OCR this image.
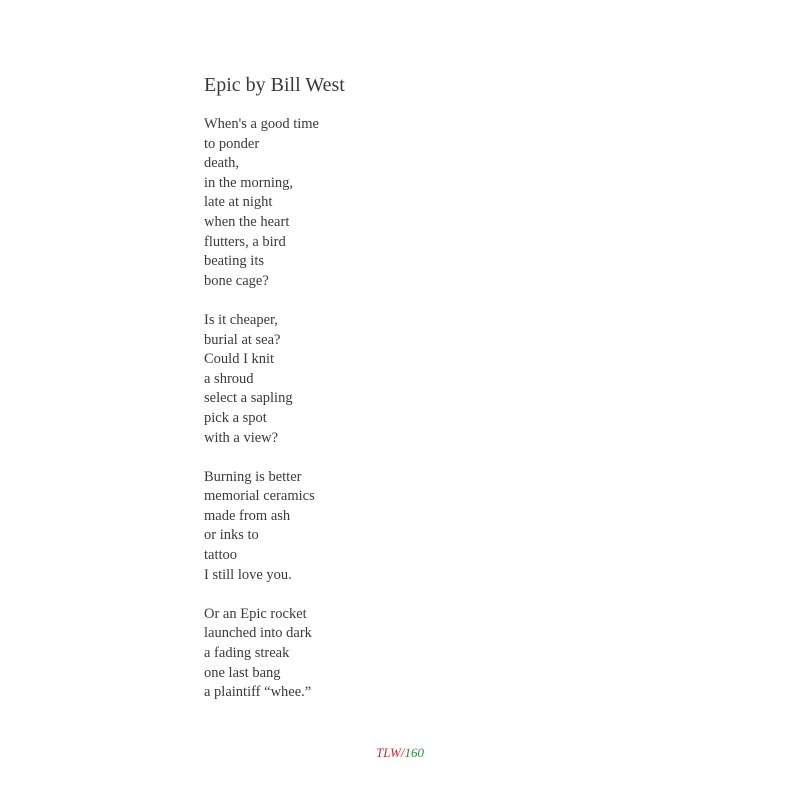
Epic by Bill West
When's a good time
to ponder
death,
in the morning,
late at night
when the heart
flutters, a bird
beating its
bone cage?
Is it cheaper,
burial at sea?
Could I knit
a shroud
select a sapling
pick a spot
with a view?
Burning is better
memorial ceramics
made from ash
or inks to
tattoo
I still love you.
Or an Epic rocket
launched into dark
a fading streak
one last bang
a plaintiff “whee.”
TLW/160
